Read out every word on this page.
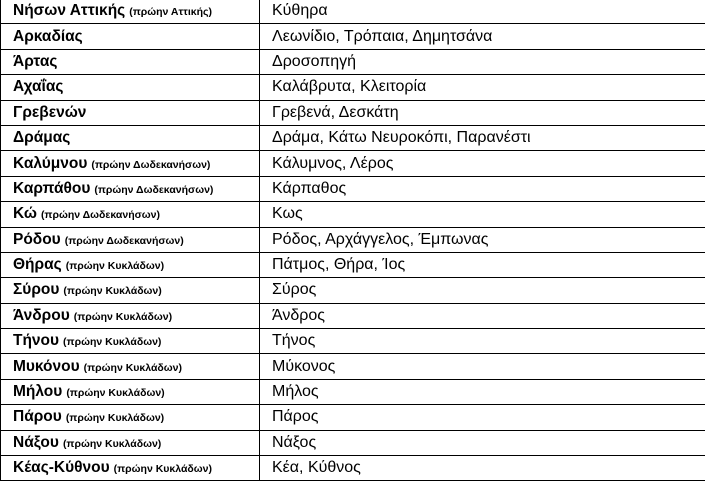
Νήσων Αττικής (πρώην Αττικής)	Κύθηρα
Αρκαδίας	Λεωνίδιο, Τρόπαια, Δημητσάνα
Άρτας	Δροσοπηγή
Αχαΐας	Καλάβρυτα, Κλειτορία
Γρεβενών	Γρεβενά, Δεσκάτη
Δράμας	Δράμα, Κάτω Νευροκόπι, Παρανέστι
Καλύμνου (πρώην Δωδεκανήσων)	Κάλυμνος, Λέρος
Καρπάθου (πρώην Δωδεκανήσων)	Κάρπαθος
Κώ (πρώην Δωδεκανήσων)	Κως
Ρόδου (πρώην Δωδεκανήσων)	Ρόδος, Αρχάγγελος, Έμπωνας
Θήρας (πρώην Κυκλάδων)	Πάτμος, Θήρα, Ίος
Σύρου (πρώην Κυκλάδων)	Σύρος
Άνδρου (πρώην Κυκλάδων)	Άνδρος
Τήνου (πρώην Κυκλάδων)	Τήνος
Μυκόνου (πρώην Κυκλάδων)	Μύκονος
Μήλου (πρώην Κυκλάδων)	Μήλος
Πάρου (πρώην Κυκλάδων)	Πάρος
Νάξου (πρώην Κυκλάδων)	Νάξος
Κέας-Κύθνου (πρώην Κυκλάδων)	Κέα, Κύθνος
